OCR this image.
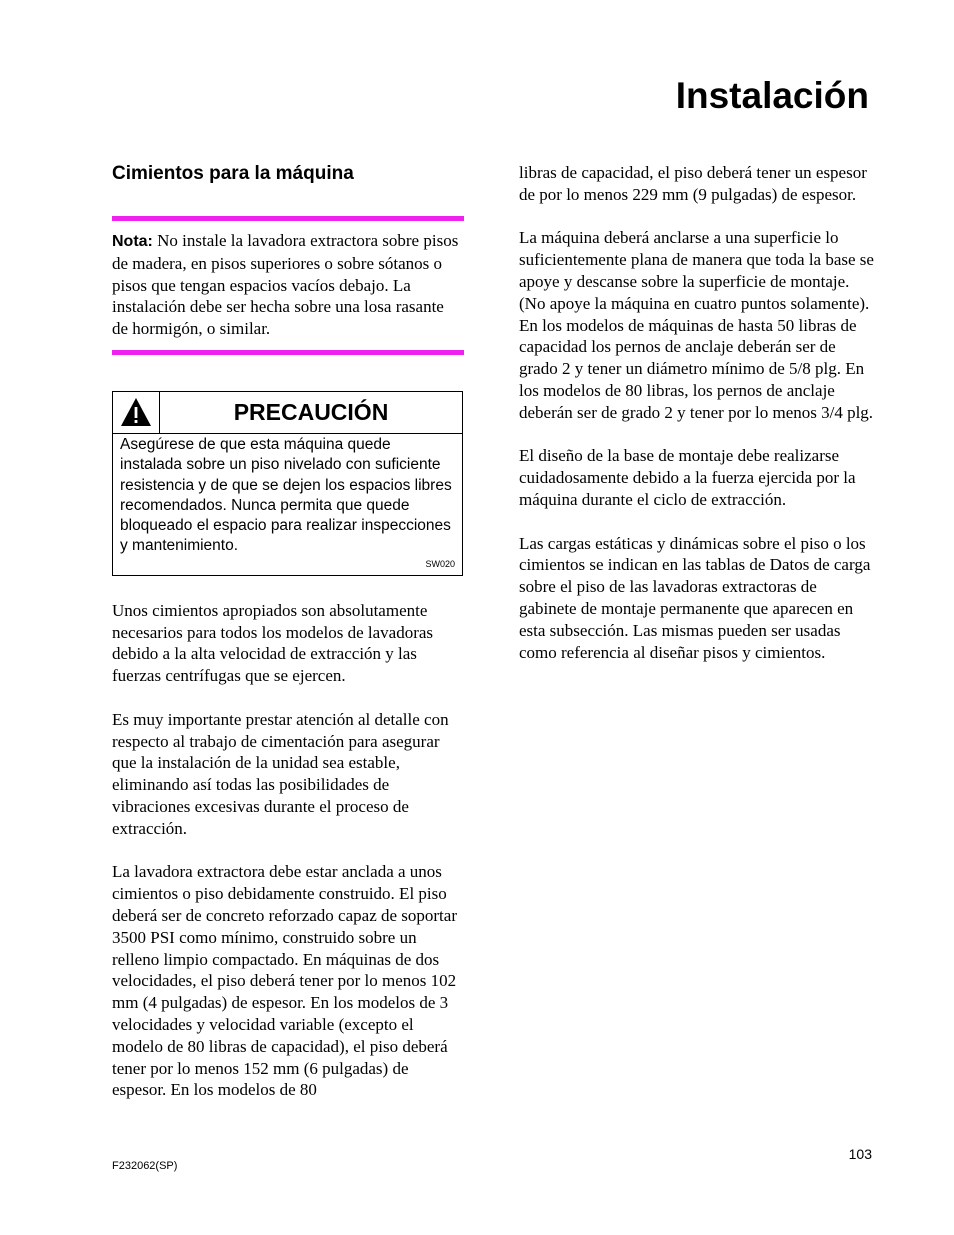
Instalación
Cimientos para la máquina

Nota: No instale la lavadora extractora sobre pisos de madera, en pisos superiores o sobre sótanos o pisos que tengan espacios vacíos debajo. La instalación debe ser hecha sobre una losa rasante de hormigón, o similar.

PRECAUCIÓN
Asegúrese de que esta máquina quede instalada sobre un piso nivelado con suficiente resistencia y de que se dejen los espacios libres recomendados. Nunca permita que quede bloqueado el espacio para realizar inspecciones y mantenimiento.
SW020

Unos cimientos apropiados son absolutamente necesarios para todos los modelos de lavadoras debido a la alta velocidad de extracción y las fuerzas centrífugas que se ejercen.

Es muy importante prestar atención al detalle con respecto al trabajo de cimentación para asegurar que la instalación de la unidad sea estable, eliminando así todas las posibilidades de vibraciones excesivas durante el proceso de extracción.

La lavadora extractora debe estar anclada a unos cimientos o piso debidamente construido. El piso deberá ser de concreto reforzado capaz de soportar 3500 PSI como mínimo, construido sobre un relleno limpio compactado. En máquinas de dos velocidades, el piso deberá tener por lo menos 102 mm (4 pulgadas) de espesor. En los modelos de 3 velocidades y velocidad variable (excepto el modelo de 80 libras de capacidad), el piso deberá tener por lo menos 152 mm (6 pulgadas) de espesor. En los modelos de 80

libras de capacidad, el piso deberá tener un espesor de por lo menos 229 mm (9 pulgadas) de espesor.

La máquina deberá anclarse a una superficie lo suficientemente plana de manera que toda la base se apoye y descanse sobre la superficie de montaje. (No apoye la máquina en cuatro puntos solamente). En los modelos de máquinas de hasta 50 libras de capacidad los pernos de anclaje deberán ser de grado 2 y tener un diámetro mínimo de 5/8 plg. En los modelos de 80 libras, los pernos de anclaje deberán ser de grado 2 y tener por lo menos 3/4 plg.

El diseño de la base de montaje debe realizarse cuidadosamente debido a la fuerza ejercida por la máquina durante el ciclo de extracción.

Las cargas estáticas y dinámicas sobre el piso o los cimientos se indican en las tablas de Datos de carga sobre el piso de las lavadoras extractoras de gabinete de montaje permanente que aparecen en esta subsección. Las mismas pueden ser usadas como referencia al diseñar pisos y cimientos.

103
F232062(SP)
